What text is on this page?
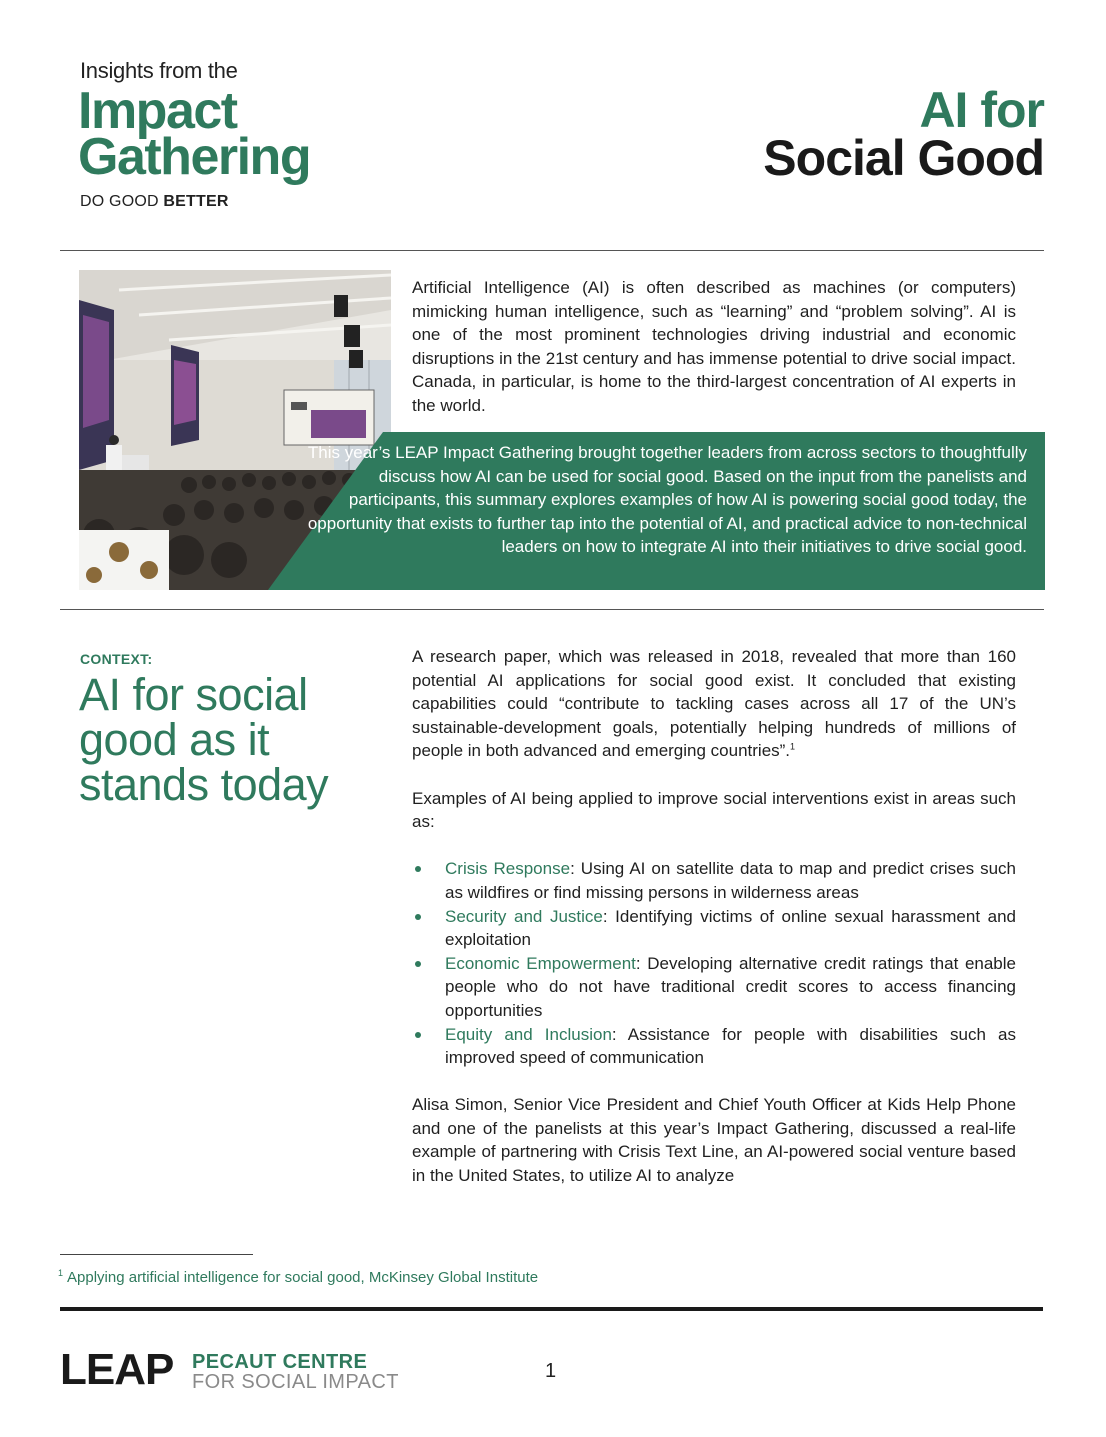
Insights from the
Impact
Gathering
DO GOOD BETTER
AI for
Social Good
Artificial Intelligence (AI) is often described as machines (or computers) mimicking human intelligence, such as “learning” and “problem solving”. AI is one of the most prominent technologies driving industrial and economic disruptions in the 21st century and has immense potential to drive social impact. Canada, in particular, is home to the third-largest concentration of AI experts in the world.
This year’s LEAP Impact Gathering brought together leaders from across sectors to thoughtfully discuss how AI can be used for social good. Based on the input from the panelists and participants, this summary explores examples of how AI is powering social good today, the opportunity that exists to further tap into the potential of AI, and practical advice to non-technical leaders on how to integrate AI into their initiatives to drive social good.
CONTEXT:
AI for social good as it stands today

A research paper, which was released in 2018, revealed that more than 160 potential AI applications for social good exist. It concluded that existing capabilities could “contribute to tackling cases across all 17 of the UN’s sustainable-development goals, potentially helping hundreds of millions of people in both advanced and emerging countries”.$^1$

Examples of AI being applied to improve social interventions exist in areas such as:

Crisis Response: Using AI on satellite data to map and predict crises such as wildfires or find missing persons in wilderness areas
Security and Justice: Identifying victims of online sexual harassment and exploitation
Economic Empowerment: Developing alternative credit ratings that enable people who do not have traditional credit scores to access financing opportunities
Equity and Inclusion: Assistance for people with disabilities such as improved speed of communication

Alisa Simon, Senior Vice President and Chief Youth Officer at Kids Help Phone and one of the panelists at this year’s Impact Gathering, discussed a real-life example of partnering with Crisis Text Line, an AI-powered social venture based in the United States, to utilize AI to analyze

$^1$ Applying artificial intelligence for social good, McKinsey Global Institute
LEAP PECAUT CENTRE
FOR SOCIAL IMPACT	1
